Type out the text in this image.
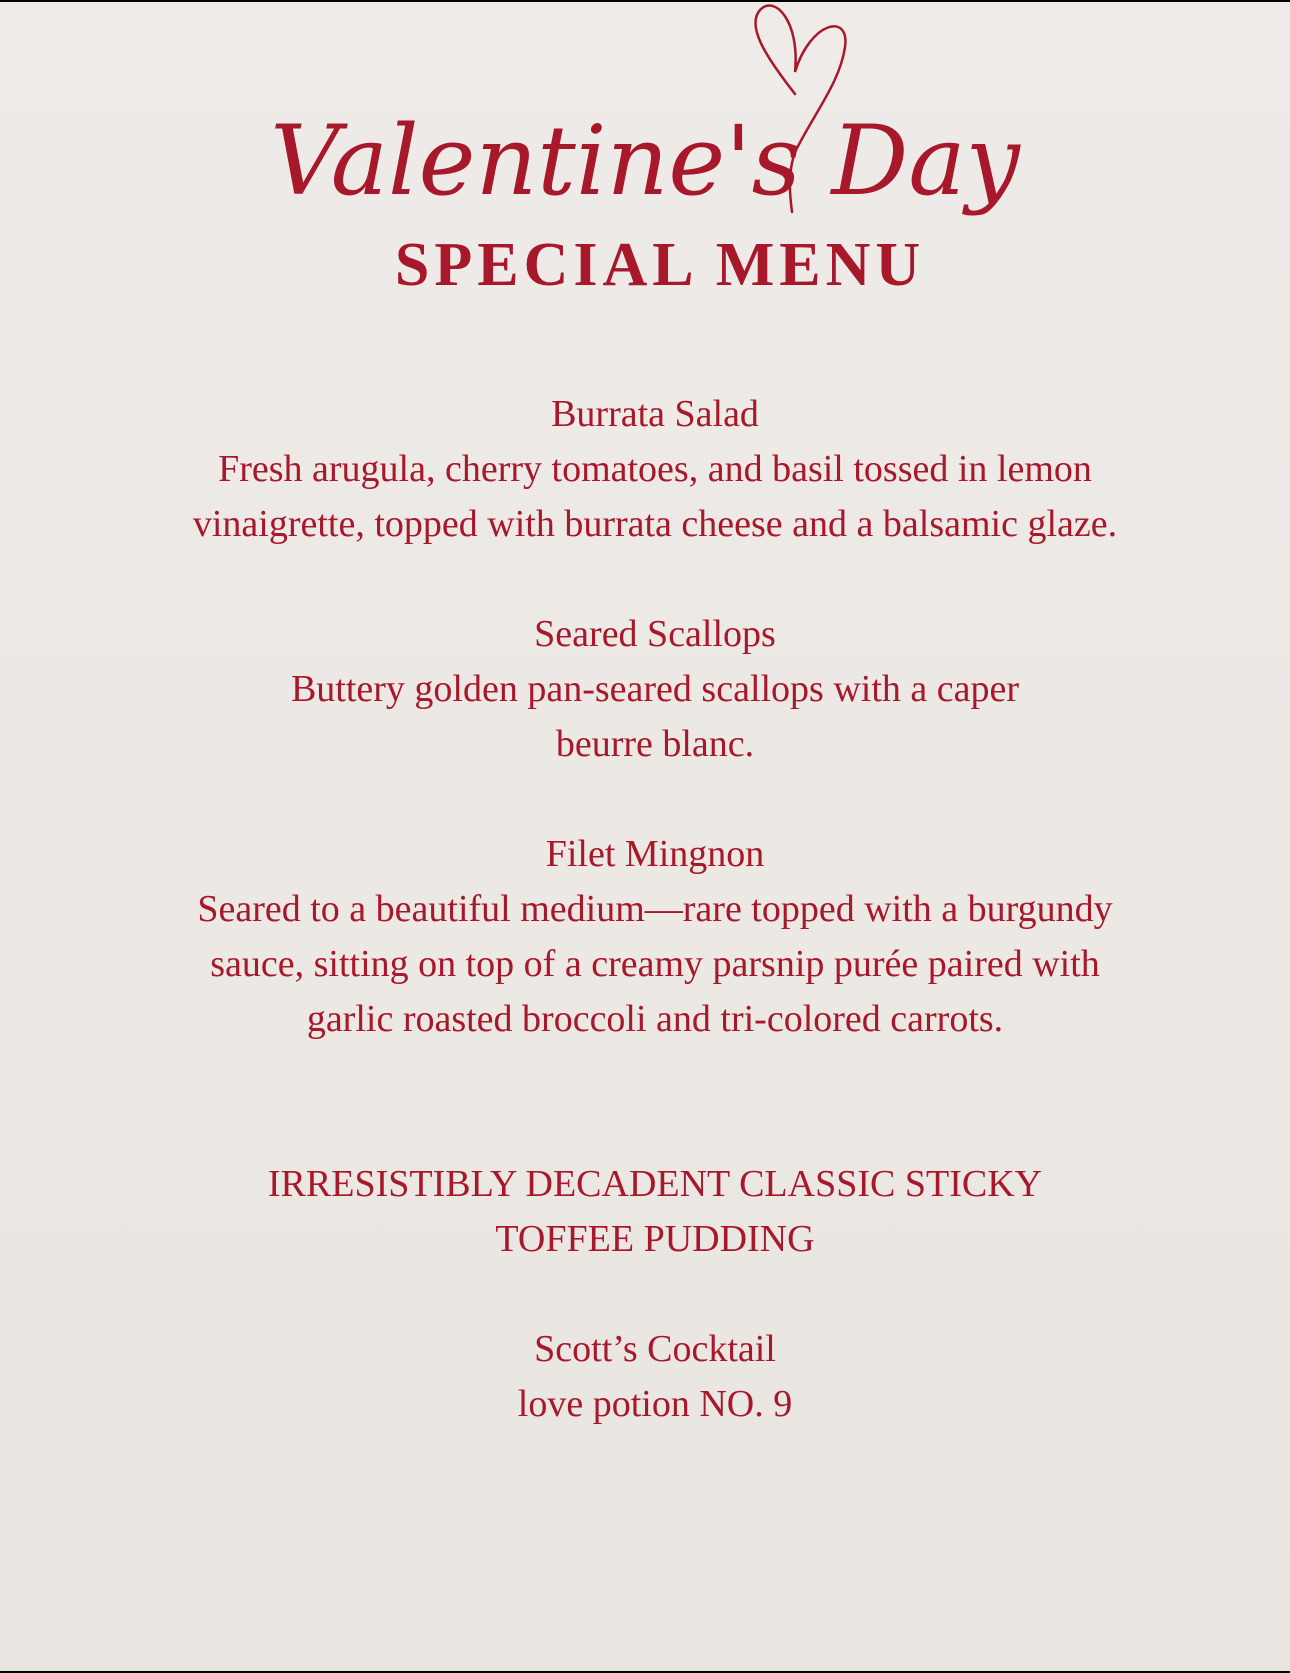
Valentine's Day
SPECIAL MENU

Burrata Salad

Fresh arugula, cherry tomatoes, and basil tossed in lemon vinaigrette, topped with burrata cheese and a balsamic glaze.

Seared Scallops

Buttery golden pan-seared scallops with a caper beurre blanc.

Filet Mingnon

Seared to a beautiful medium—rare topped with a burgundy sauce, sitting on top of a creamy parsnip purée paired with garlic roasted broccoli and tri-colored carrots.

IRRESISTIBLY DECADENT CLASSIC STICKY TOFFEE PUDDING

Scott’s Cocktail

love potion NO. 9
